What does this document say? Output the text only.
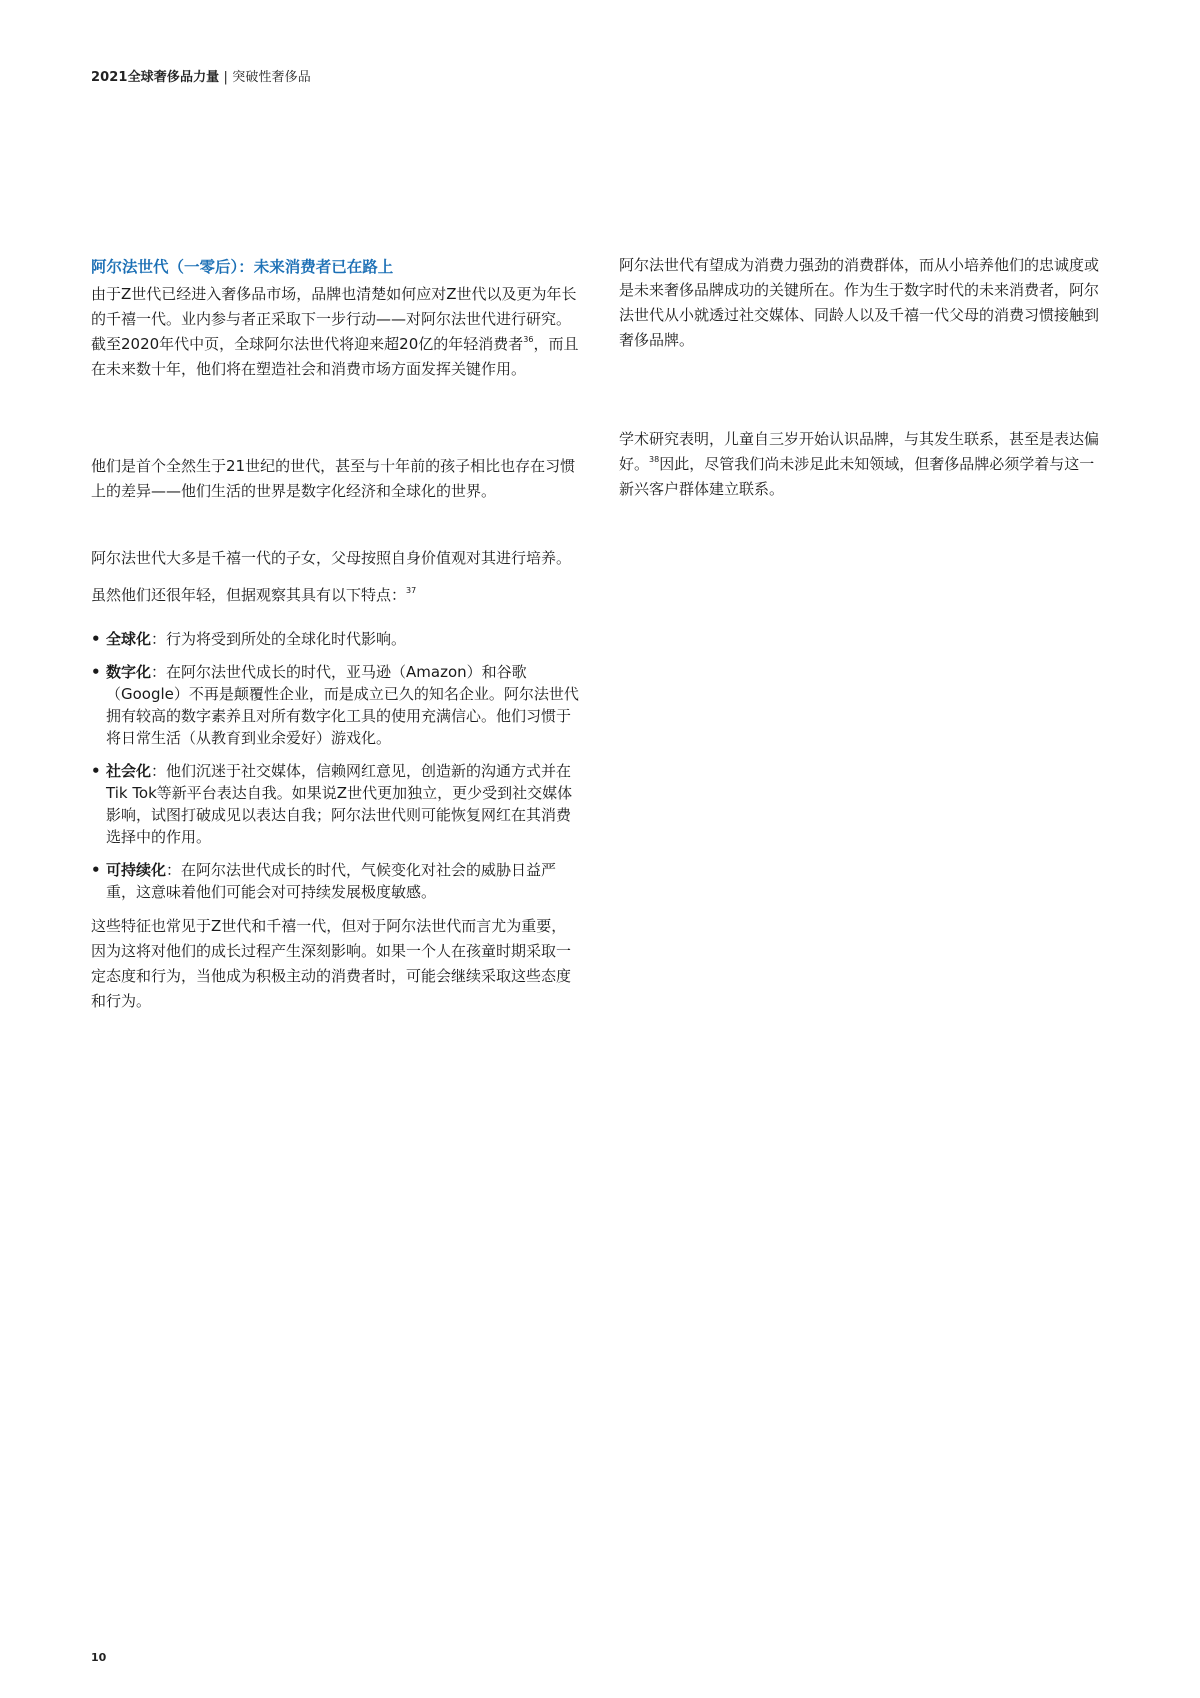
2021全球奢侈品力量 | 突破性奢侈品
阿尔法世代（一零后）：未来消费者已在路上

由于Z世代已经进入奢侈品市场，品牌也清楚如何应对Z世代以及更为年长的千禧一代。业内参与者正采取下一步行动——对阿尔法世代进行研究。截至2020年代中页，全球阿尔法世代将迎来超20亿的年轻消费者$^{36}$，而且在未来数十年，他们将在塑造社会和消费市场方面发挥关键作用。

他们是首个全然生于21世纪的世代，甚至与十年前的孩子相比也存在习惯上的差异——他们生活的世界是数字化经济和全球化的世界。

阿尔法世代大多是千禧一代的子女，父母按照自身价值观对其进行培养。

虽然他们还很年轻，但据观察其具有以下特点：$^{37}$

• 全球化：行为将受到所处的全球化时代影响。
• 数字化：在阿尔法世代成长的时代，亚马逊（Amazon）和谷歌（Google）不再是颠覆性企业，而是成立已久的知名企业。阿尔法世代拥有较高的数字素养且对所有数字化工具的使用充满信心。他们习惯于将日常生活（从教育到业余爱好）游戏化。
• 社会化：他们沉迷于社交媒体，信赖网红意见，创造新的沟通方式并在Tik Tok等新平台表达自我。如果说Z世代更加独立，更少受到社交媒体影响，试图打破成见以表达自我；阿尔法世代则可能恢复网红在其消费选择中的作用。
• 可持续化：在阿尔法世代成长的时代，气候变化对社会的威胁日益严重，这意味着他们可能会对可持续发展极度敏感。

这些特征也常见于Z世代和千禧一代，但对于阿尔法世代而言尤为重要，因为这将对他们的成长过程产生深刻影响。如果一个人在孩童时期采取一定态度和行为，当他成为积极主动的消费者时，可能会继续采取这些态度和行为。

阿尔法世代有望成为消费力强劲的消费群体，而从小培养他们的忠诚度或是未来奢侈品牌成功的关键所在。作为生于数字时代的未来消费者，阿尔法世代从小就透过社交媒体、同龄人以及千禧一代父母的消费习惯接触到奢侈品牌。

学术研究表明，儿童自三岁开始认识品牌，与其发生联系，甚至是表达偏好。$^{38}$因此，尽管我们尚未涉足此未知领域，但奢侈品牌必须学着与这一新兴客户群体建立联系。

10
